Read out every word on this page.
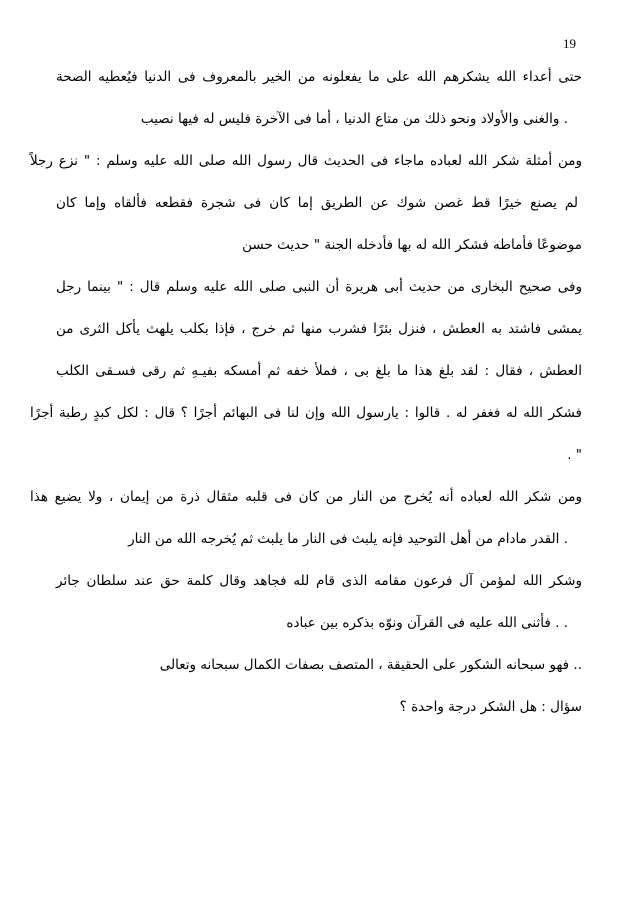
19
حتى أعداء الله يشكرهم الله على ما يفعلونه من الخير بالمعروف فى الدنيا فيُعطيه الصحة
. والغنى والأولاد ونحو ذلك من متاع الدنيا ، أما فى الآخرة فليس له فيها نصيب
ومن أمثلة شكر الله لعباده ماجاء فى الحديث قال رسول الله صلى الله عليه وسلم : " نزع رجلاً
لم يصنع خيرًا قط غصن شوك عن الطريق إما كان فى شجرة فقطعه فألقاه وإما كان
موضوعًا فأماطه فشكر الله له بها فأدخله الجنة " حديث حسن
وفى صحيح البخارى من حديث أبى هريرة أن النبى صلى الله عليه وسلم قال : " بينما رجل
يمشى فاشتد به العطش ، فنزل بئرًا فشرب منها ثم خرج ، فإذا بكلب يلهث يأكل الثرى من
العطش ، فقال : لقد بلغ هذا ما بلغ بى ، فملأ خفه ثم أمسكه بفيـهِ ثم رقى فسـقى الكلب
فشكر الله له فغفر له . قالوا : يارسول الله وإن لنا فى البهائم أجرًا ؟ قال : لكل كبدٍ رطبة أجرًا
" .
ومن شكر الله لعباده أنه يُخرج من النار من كان فى قلبه مثقال ذرة من إيمان ، ولا يضيع هذا
. القدر مادام من أهل التوحيد فإنه يلبث فى النار ما يلبث ثم يُخرجه الله من النار
وشكر الله لمؤمن آل فرعون مقامه الذى قام لله فجاهد وقال كلمة حق عند سلطان جائر
. . فأثنى الله عليه فى القرآن ونوّه بذكره بين عباده
.. فهو سبحانه الشكور على الحقيقة ، المتصف بصفات الكمال سبحانه وتعالى
سؤال : هل الشكر درجة واحدة ؟
